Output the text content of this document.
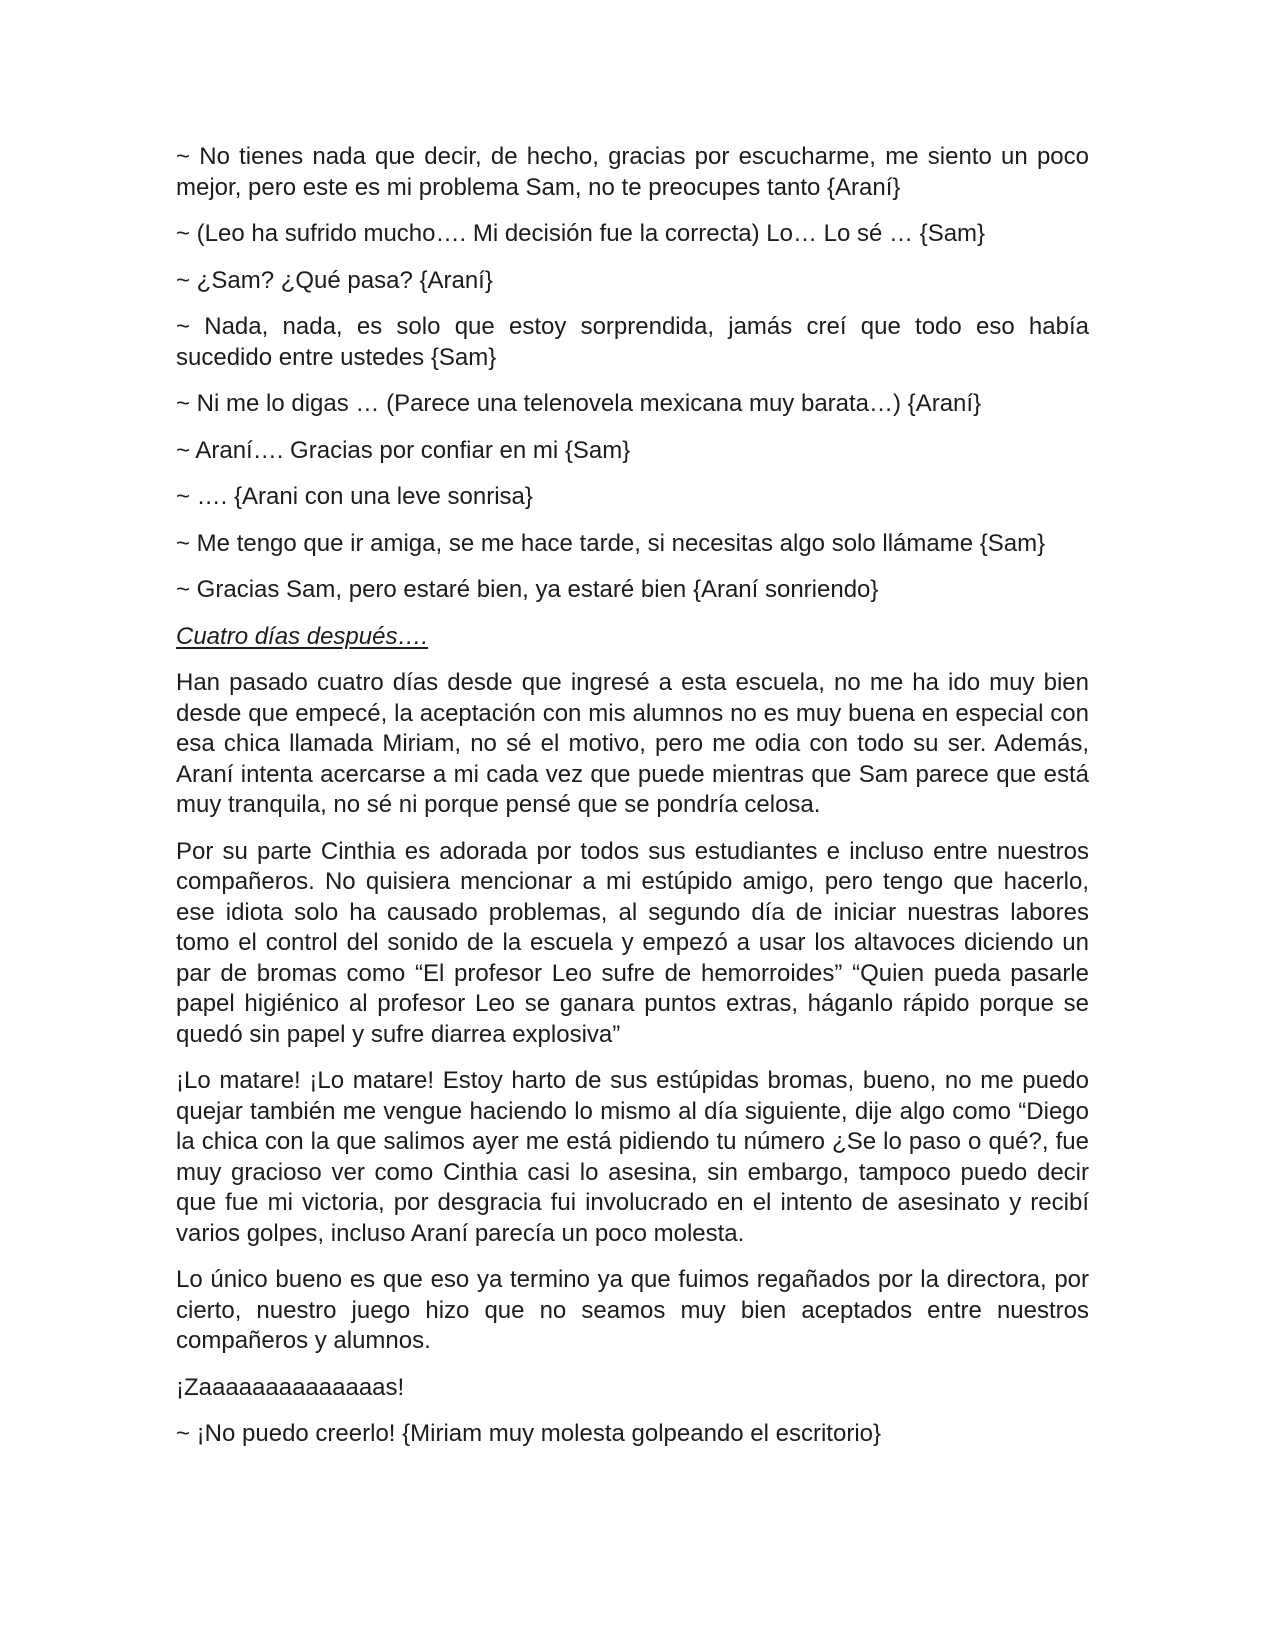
~ No tienes nada que decir, de hecho, gracias por escucharme, me siento un poco mejor, pero este es mi problema Sam, no te preocupes tanto {Araní}

~ (Leo ha sufrido mucho…. Mi decisión fue la correcta) Lo… Lo sé … {Sam}

~ ¿Sam? ¿Qué pasa? {Araní}

~ Nada, nada, es solo que estoy sorprendida, jamás creí que todo eso había sucedido entre ustedes {Sam}

~ Ni me lo digas … (Parece una telenovela mexicana muy barata…) {Araní}

~ Araní…. Gracias por confiar en mi {Sam}

~ …. {Arani con una leve sonrisa}

~ Me tengo que ir amiga, se me hace tarde, si necesitas algo solo llámame {Sam}

~ Gracias Sam, pero estaré bien, ya estaré bien {Araní sonriendo}

Cuatro días después….

Han pasado cuatro días desde que ingresé a esta escuela, no me ha ido muy bien desde que empecé, la aceptación con mis alumnos no es muy buena en especial con esa chica llamada Miriam, no sé el motivo, pero me odia con todo su ser. Además, Araní intenta acercarse a mi cada vez que puede mientras que Sam parece que está muy tranquila, no sé ni porque pensé que se pondría celosa.

Por su parte Cinthia es adorada por todos sus estudiantes e incluso entre nuestros compañeros. No quisiera mencionar a mi estúpido amigo, pero tengo que hacerlo, ese idiota solo ha causado problemas, al segundo día de iniciar nuestras labores tomo el control del sonido de la escuela y empezó a usar los altavoces diciendo un par de bromas como “El profesor Leo sufre de hemorroides” “Quien pueda pasarle papel higiénico al profesor Leo se ganara puntos extras, háganlo rápido porque se quedó sin papel y sufre diarrea explosiva”

¡Lo matare! ¡Lo matare! Estoy harto de sus estúpidas bromas, bueno, no me puedo quejar también me vengue haciendo lo mismo al día siguiente, dije algo como “Diego la chica con la que salimos ayer me está pidiendo tu número ¿Se lo paso o qué?, fue muy gracioso ver como Cinthia casi lo asesina, sin embargo, tampoco puedo decir que fue mi victoria, por desgracia fui involucrado en el intento de asesinato y recibí varios golpes, incluso Araní parecía un poco molesta.

Lo único bueno es que eso ya termino ya que fuimos regañados por la directora, por cierto, nuestro juego hizo que no seamos muy bien aceptados entre nuestros compañeros y alumnos.

¡Zaaaaaaaaaaaaaas!

~ ¡No puedo creerlo! {Miriam muy molesta golpeando el escritorio}
